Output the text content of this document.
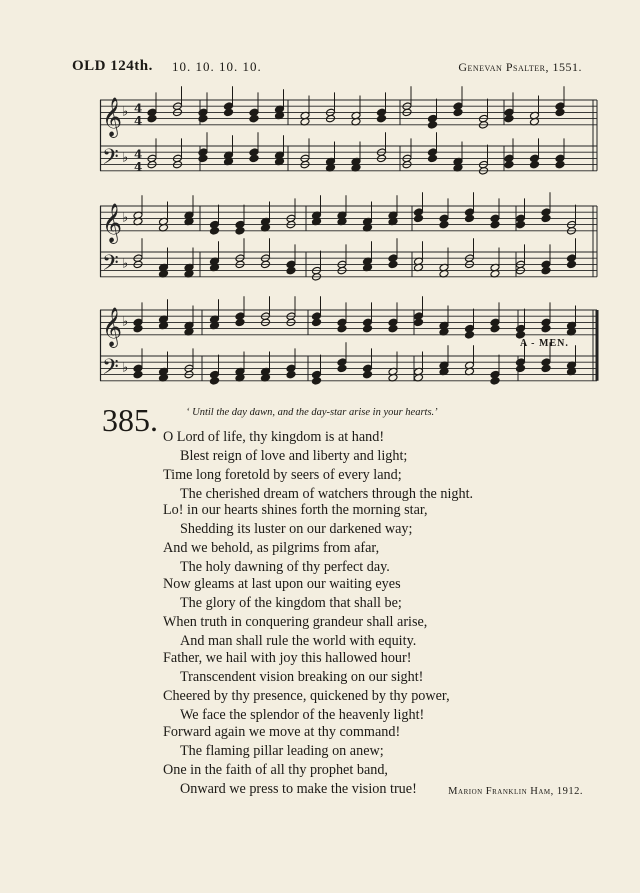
OLD 124th. 10. 10. 10. 10.	Genevan Psalter, 1551.
𝄞 ♭ 4
4
𝄢 ♭ 4
4
𝄞 ♭
𝄢 ♭
𝄞 ♭
𝄢 ♭
A - MEN.
385.	‘ Until the day dawn, and the day-star arise in your hearts.’
O Lord of life, thy kingdom is at hand!
Blest reign of love and liberty and light;
Time long foretold by seers of every land;
The cherished dream of watchers through the night.
Lo! in our hearts shines forth the morning star,
Shedding its luster on our darkened way;
And we behold, as pilgrims from afar,
The holy dawning of thy perfect day.
Now gleams at last upon our waiting eyes
The glory of the kingdom that shall be;
When truth in conquering grandeur shall arise,
And man shall rule the world with equity.
Father, we hail with joy this hallowed hour!
Transcendent vision breaking on our sight!
Cheered by thy presence, quickened by thy power,
We face the splendor of the heavenly light!
Forward again we move at thy command!
The flaming pillar leading on anew;
One in the faith of all thy prophet band,
Onward we press to make the vision true!	Marion Franklin Ham, 1912.
